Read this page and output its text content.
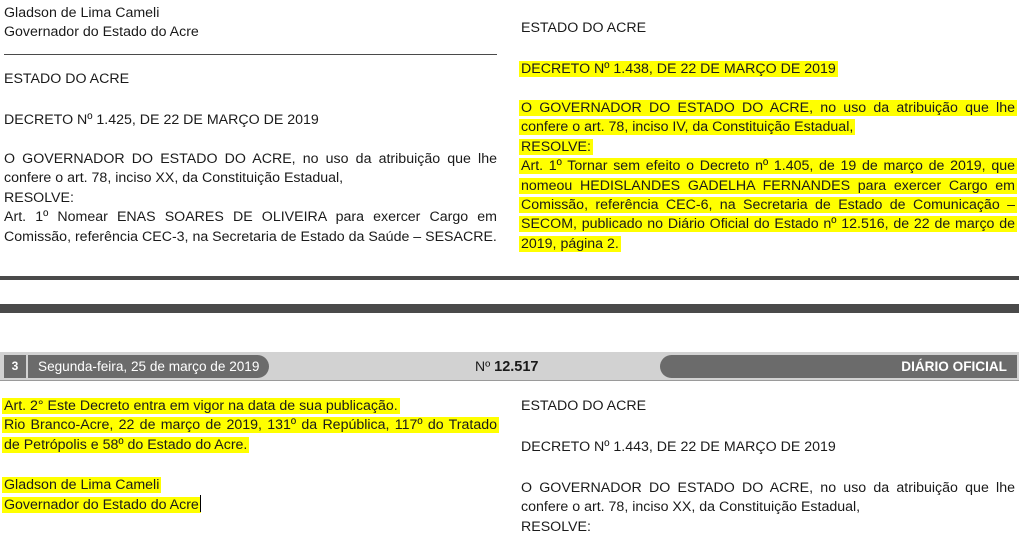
Gladson de Lima Cameli

Governador do Estado do Acre

ESTADO DO ACRE

DECRETO Nº 1.425, DE 22 DE MARÇO DE 2019

O GOVERNADOR DO ESTADO DO ACRE, no uso da atribuição que lhe confere o art. 78, inciso XX, da Constituição Estadual,

RESOLVE:

Art. 1º Nomear ENAS SOARES DE OLIVEIRA para exercer Cargo em Comissão, referência CEC-3, na Secretaria de Estado da Saúde – SESACRE.

ESTADO DO ACRE

DECRETO Nº 1.438, DE 22 DE MARÇO DE 2019

O GOVERNADOR DO ESTADO DO ACRE, no uso da atribuição que lhe confere o art. 78, inciso IV, da Constituição Estadual,

RESOLVE:

Art. 1º Tornar sem efeito o Decreto nº 1.405, de 19 de março de 2019, que nomeou HEDISLANDES GADELHA FERNANDES para exercer Cargo em Comissão, referência CEC-6, na Secretaria de Estado de Comunicação – SECOM, publicado no Diário Oficial do Estado nº 12.516, de 22 de março de 2019, página 2.

3	Segunda-feira, 25 de março de 2019	Nº 12.517	DIÁRIO OFICIAL

Art. 2° Este Decreto entra em vigor na data de sua publicação.

Rio Branco-Acre, 22 de março de 2019, 131º da República, 117º do Tratado de Petrópolis e 58º do Estado do Acre.

Gladson de Lima Cameli

Governador do Estado do Acre

ESTADO DO ACRE

DECRETO Nº 1.443, DE 22 DE MARÇO DE 2019

O GOVERNADOR DO ESTADO DO ACRE, no uso da atribuição que lhe confere o art. 78, inciso XX, da Constituição Estadual,

RESOLVE:
